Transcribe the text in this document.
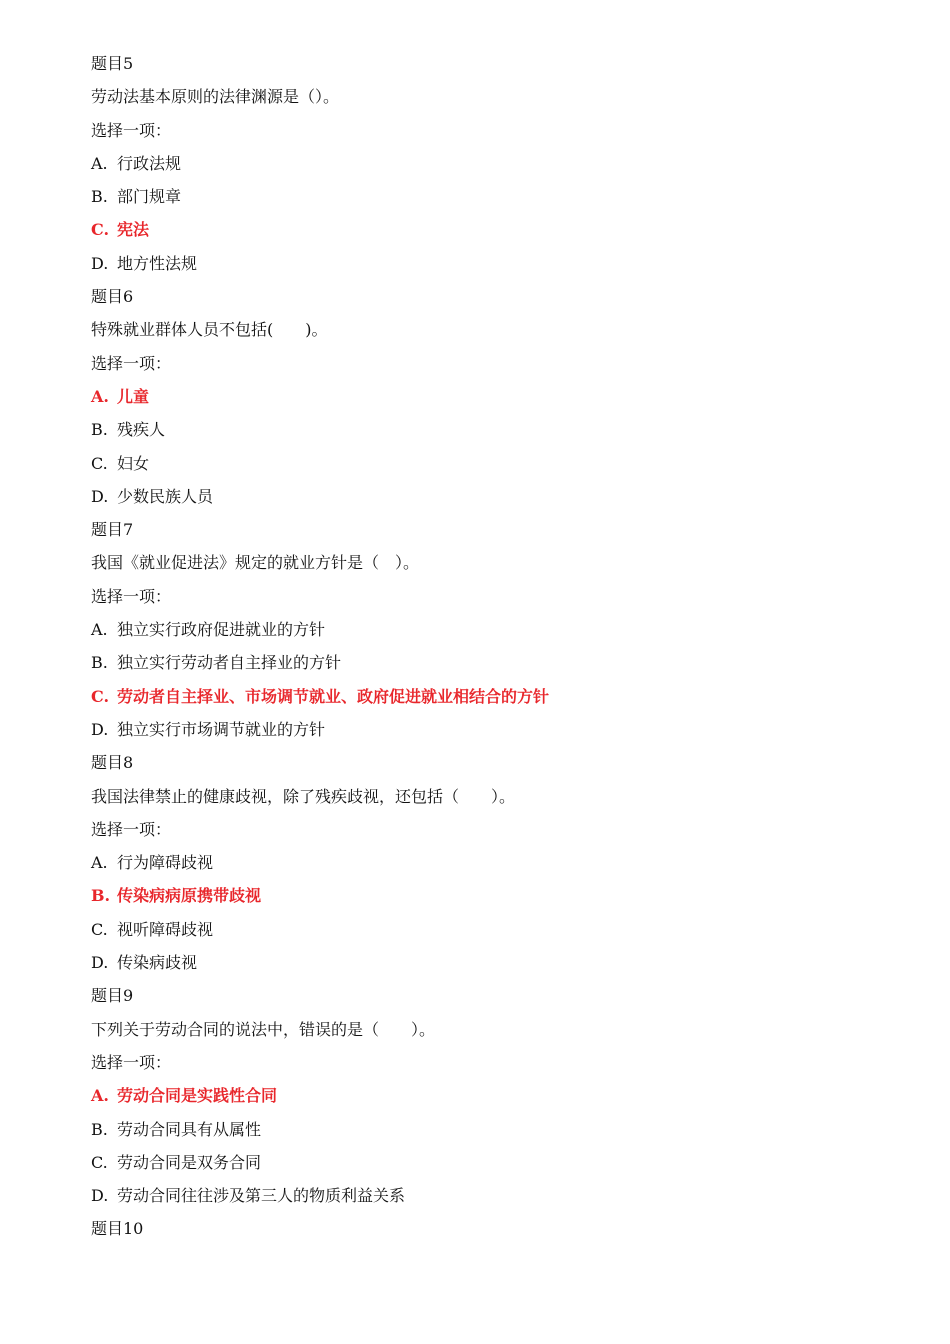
题目5
劳动法基本原则的法律渊源是（）。
选择一项：
A. 行政法规
B. 部门规章
C. 宪法
D. 地方性法规
题目6
特殊就业群体人员不包括(　　)。
选择一项：
A. 儿童
B. 残疾人
C. 妇女
D. 少数民族人员
题目7
我国《就业促进法》规定的就业方针是（　）。
选择一项：
A. 独立实行政府促进就业的方针
B. 独立实行劳动者自主择业的方针
C. 劳动者自主择业、市场调节就业、政府促进就业相结合的方针
D. 独立实行市场调节就业的方针
题目8
我国法律禁止的健康歧视，除了残疾歧视，还包括（　　）。
选择一项：
A. 行为障碍歧视
B. 传染病病原携带歧视
C. 视听障碍歧视
D. 传染病歧视
题目9
下列关于劳动合同的说法中，错误的是（　　）。
选择一项：
A. 劳动合同是实践性合同
B. 劳动合同具有从属性
C. 劳动合同是双务合同
D. 劳动合同往往涉及第三人的物质利益关系
题目10
